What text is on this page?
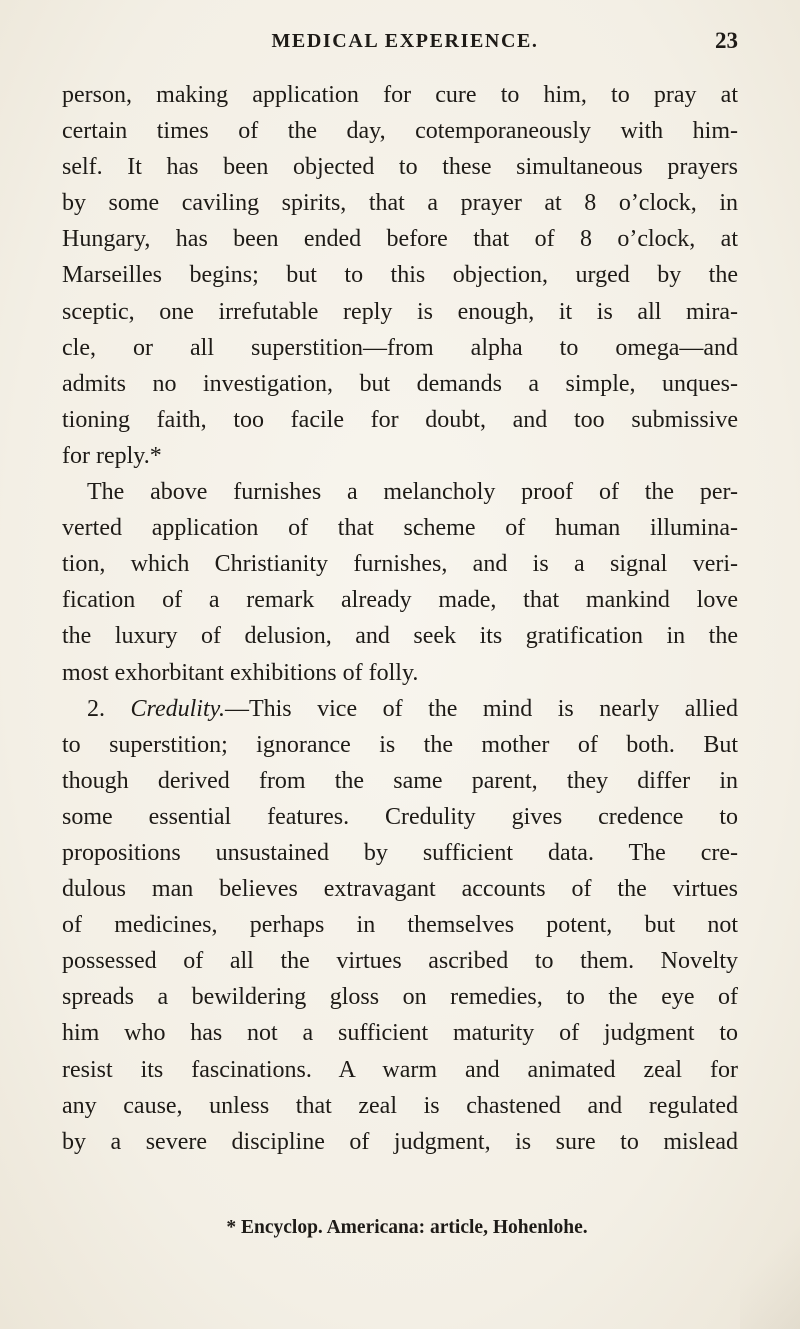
MEDICAL EXPERIENCE.	23
person, making application for cure to him, to pray at
certain times of the day, cotemporaneously with him-
self. It has been objected to these simultaneous prayers
by some caviling spirits, that a prayer at 8 o’clock, in
Hungary, has been ended before that of 8 o’clock, at
Marseilles begins; but to this objection, urged by the
sceptic, one irrefutable reply is enough, it is all mira-
cle, or all superstition—from alpha to omega—and
admits no investigation, but demands a simple, unques-
tioning faith, too facile for doubt, and too submissive
for reply.*
The above furnishes a melancholy proof of the per-
verted application of that scheme of human illumina-
tion, which Christianity furnishes, and is a signal veri-
fication of a remark already made, that mankind love
the luxury of delusion, and seek its gratification in the
most exhorbitant exhibitions of folly.
2. Credulity.—This vice of the mind is nearly allied
to superstition; ignorance is the mother of both. But
though derived from the same parent, they differ in
some essential features. Credulity gives credence to
propositions unsustained by sufficient data. The cre-
dulous man believes extravagant accounts of the virtues
of medicines, perhaps in themselves potent, but not
possessed of all the virtues ascribed to them. Novelty
spreads a bewildering gloss on remedies, to the eye of
him who has not a sufficient maturity of judgment to
resist its fascinations. A warm and animated zeal for
any cause, unless that zeal is chastened and regulated
by a severe discipline of judgment, is sure to mislead
* Encyclop. Americana: article, Hohenlohe.
